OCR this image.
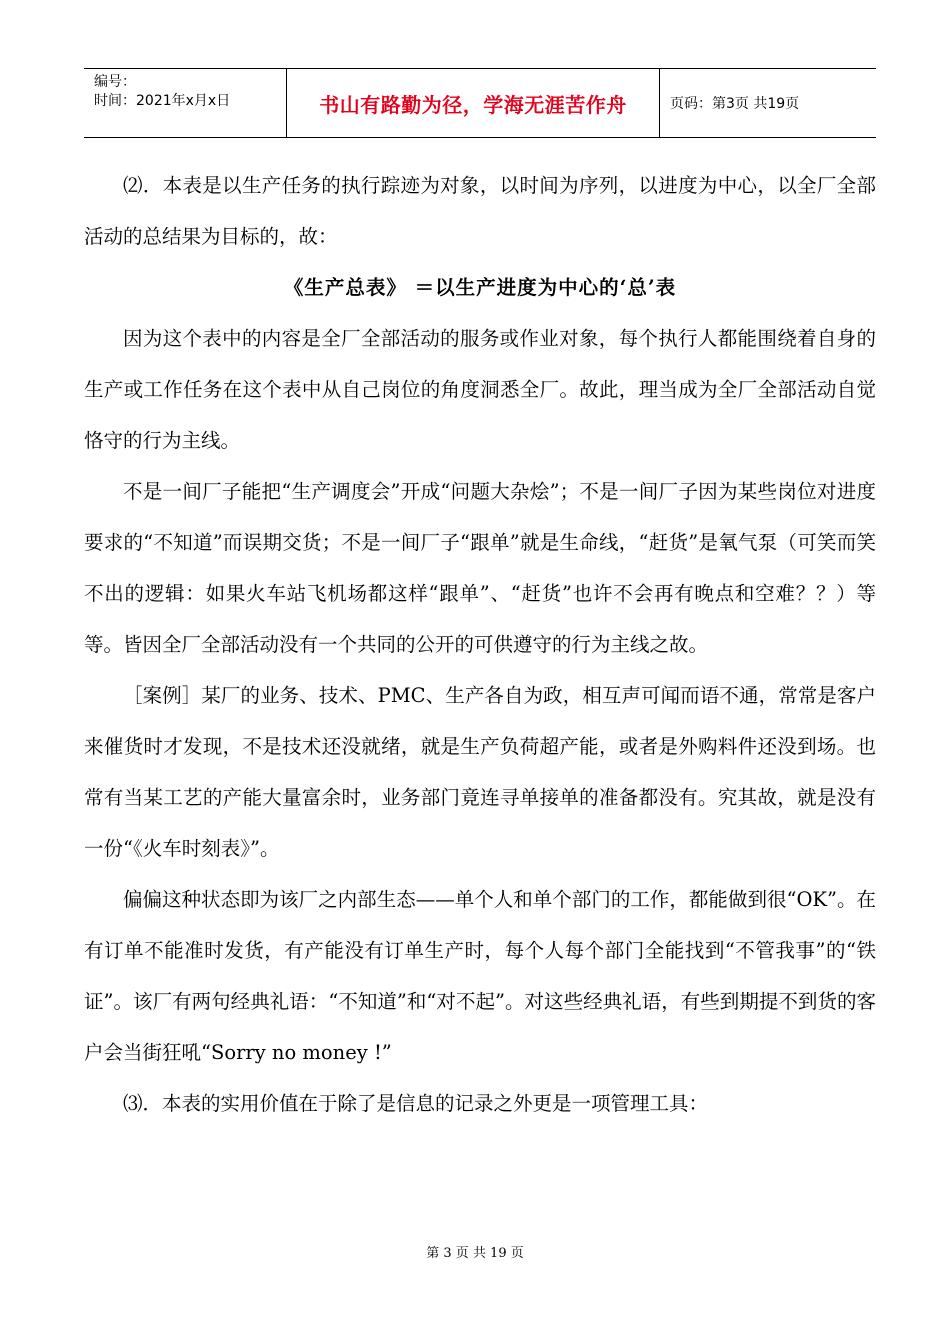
编号：
时间：2021年x月x日	书山有路勤为径，学海无涯苦作舟	页码：第3页 共19页

⑵．本表是以生产任务的执行踪迹为对象，以时间为序列，以进度为中心，以全厂全部活动的总结果为目标的，故：

《生产总表》 ＝以生产进度为中心的‘总’表

因为这个表中的内容是全厂全部活动的服务或作业对象，每个执行人都能围绕着自身的生产或工作任务在这个表中从自己岗位的角度洞悉全厂。故此，理当成为全厂全部活动自觉恪守的行为主线。

不是一间厂子能把“生产调度会”开成“问题大杂烩”；不是一间厂子因为某些岗位对进度要求的“不知道”而误期交货；不是一间厂子“跟单”就是生命线，“赶货”是氧气泵（可笑而笑不出的逻辑：如果火车站飞机场都这样“跟单”、“赶货”也许不会再有晚点和空难？？）等等。皆因全厂全部活动没有一个共同的公开的可供遵守的行为主线之故。

［案例］某厂的业务、技术、PMC、生产各自为政，相互声可闻而语不通，常常是客户来催货时才发现，不是技术还没就绪，就是生产负荷超产能，或者是外购料件还没到场。也常有当某工艺的产能大量富余时，业务部门竟连寻单接单的准备都没有。究其故，就是没有一份“《火车时刻表》”。

偏偏这种状态即为该厂之内部生态——单个人和单个部门的工作，都能做到很“OK”。在有订单不能准时发货，有产能没有订单生产时，每个人每个部门全能找到“不管我事”的“铁证”。该厂有两句经典礼语：“不知道”和“对不起”。对这些经典礼语，有些到期提不到货的客户会当街狂吼“Sorry no money !”

⑶．本表的实用价值在于除了是信息的记录之外更是一项管理工具：

第 3 页 共 19 页
